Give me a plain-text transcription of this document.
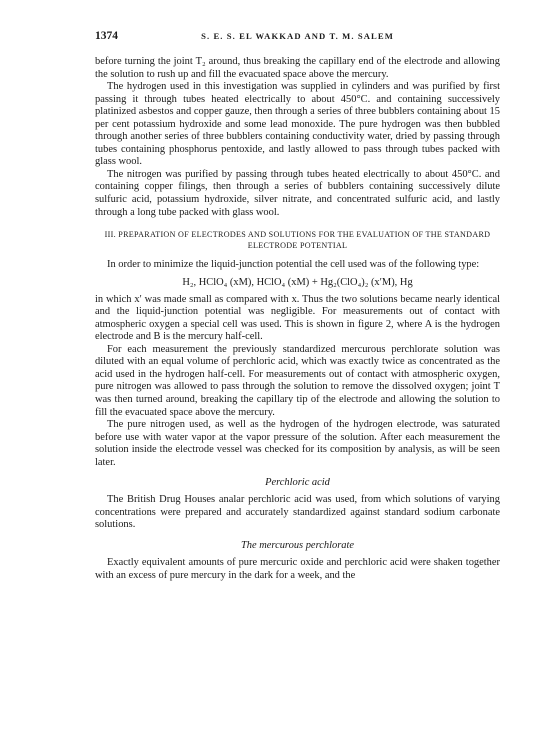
1374	S. E. S. EL WAKKAD AND T. M. SALEM

before turning the joint T₂ around, thus breaking the capillary end of the electrode and allowing the solution to rush up and fill the evacuated space above the mercury.

The hydrogen used in this investigation was supplied in cylinders and was purified by first passing it through tubes heated electrically to about 450°C. and containing successively platinized asbestos and copper gauze, then through a series of three bubblers containing about 15 per cent potassium hydroxide and some lead monoxide. The pure hydrogen was then bubbled through another series of three bubblers containing conductivity water, dried by passing through tubes containing phosphorus pentoxide, and lastly allowed to pass through tubes packed with glass wool.

The nitrogen was purified by passing through tubes heated electrically to about 450°C. and containing copper filings, then through a series of bubblers containing successively dilute sulfuric acid, potassium hydroxide, silver nitrate, and concentrated sulfuric acid, and lastly through a long tube packed with glass wool.

III. PREPARATION OF ELECTRODES AND SOLUTIONS FOR THE EVALUATION OF THE STANDARD ELECTRODE POTENTIAL

In order to minimize the liquid-junction potential the cell used was of the following type:

H₂, HClO₄ (xM), HClO₄ (xM) + Hg₂(ClO₄)₂ (x′M), Hg

in which x′ was made small as compared with x. Thus the two solutions became nearly identical and the liquid-junction potential was negligible. For measurements out of contact with atmospheric oxygen a special cell was used. This is shown in figure 2, where A is the hydrogen electrode and B is the mercury half-cell.

For each measurement the previously standardized mercurous perchlorate solution was diluted with an equal volume of perchloric acid, which was exactly twice as concentrated as the acid used in the hydrogen half-cell. For measurements out of contact with atmospheric oxygen, pure nitrogen was allowed to pass through the solution to remove the dissolved oxygen; joint T was then turned around, breaking the capillary tip of the electrode and allowing the solution to fill the evacuated space above the mercury.

The pure nitrogen used, as well as the hydrogen of the hydrogen electrode, was saturated before use with water vapor at the vapor pressure of the solution. After each measurement the solution inside the electrode vessel was checked for its composition by analysis, as will be seen later.

Perchloric acid

The British Drug Houses analar perchloric acid was used, from which solutions of varying concentrations were prepared and accurately standardized against standard sodium carbonate solutions.

The mercurous perchlorate

Exactly equivalent amounts of pure mercuric oxide and perchloric acid were shaken together with an excess of pure mercury in the dark for a week, and the
